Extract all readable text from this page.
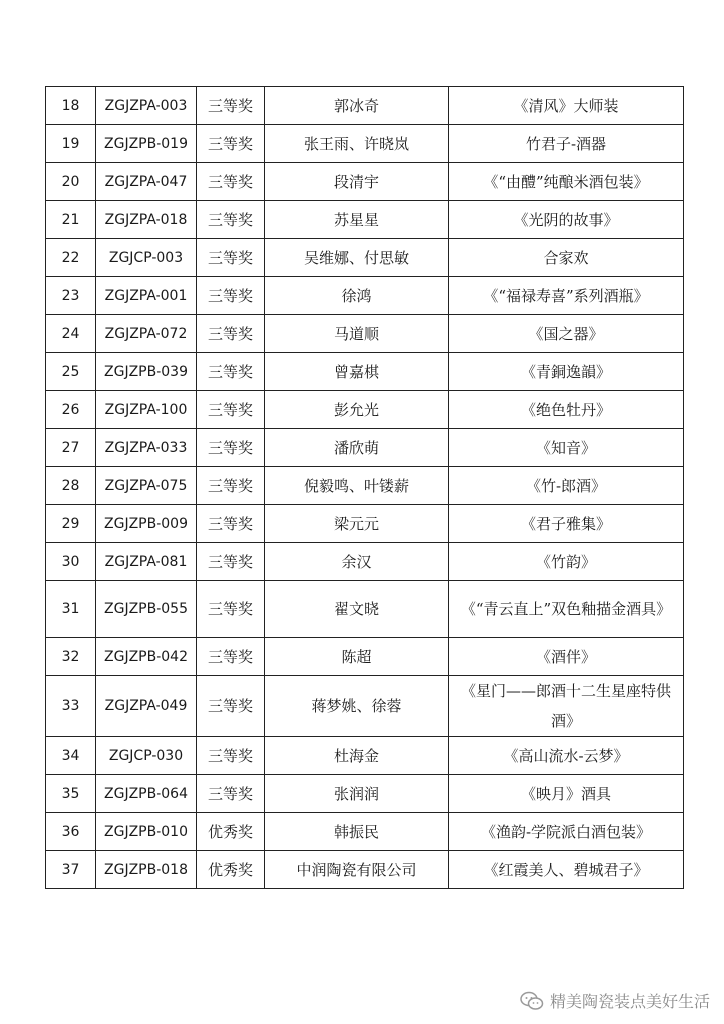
18	ZGJZPA-003	三等奖	郭冰奇	《清风》大师装
19	ZGJZPB-019	三等奖	张王雨、许晓岚	竹君子-酒器
20	ZGJZPA-047	三等奖	段清宇	《“由醴”纯酿米酒包装》
21	ZGJZPA-018	三等奖	苏星星	《光阴的故事》
22	ZGJCP-003	三等奖	吴维娜、付思敏	合家欢
23	ZGJZPA-001	三等奖	徐鸿	《“福禄寿喜”系列酒瓶》
24	ZGJZPA-072	三等奖	马道顺	《国之器》
25	ZGJZPB-039	三等奖	曾嘉棋	《青銅逸韻》
26	ZGJZPA-100	三等奖	彭允光	《绝色牡丹》
27	ZGJZPA-033	三等奖	潘欣萌	《知音》
28	ZGJZPA-075	三等奖	倪毅鸣、叶镂薪	《竹-郎酒》
29	ZGJZPB-009	三等奖	梁元元	《君子雅集》
30	ZGJZPA-081	三等奖	余汉	《竹韵》
31	ZGJZPB-055	三等奖	翟文晓	《“青云直上”双色釉描金酒具》
32	ZGJZPB-042	三等奖	陈超	《酒伴》
33	ZGJZPA-049	三等奖	蒋梦姚、徐蓉	《星门——郎酒十二生星座特供酒》
34	ZGJCP-030	三等奖	杜海金	《高山流水-云梦》
35	ZGJZPB-064	三等奖	张润润	《映月》酒具
36	ZGJZPB-010	优秀奖	韩振民	《渔韵-学院派白酒包装》
37	ZGJZPB-018	优秀奖	中润陶瓷有限公司	《红霞美人、碧城君子》
精美陶瓷装点美好生活
